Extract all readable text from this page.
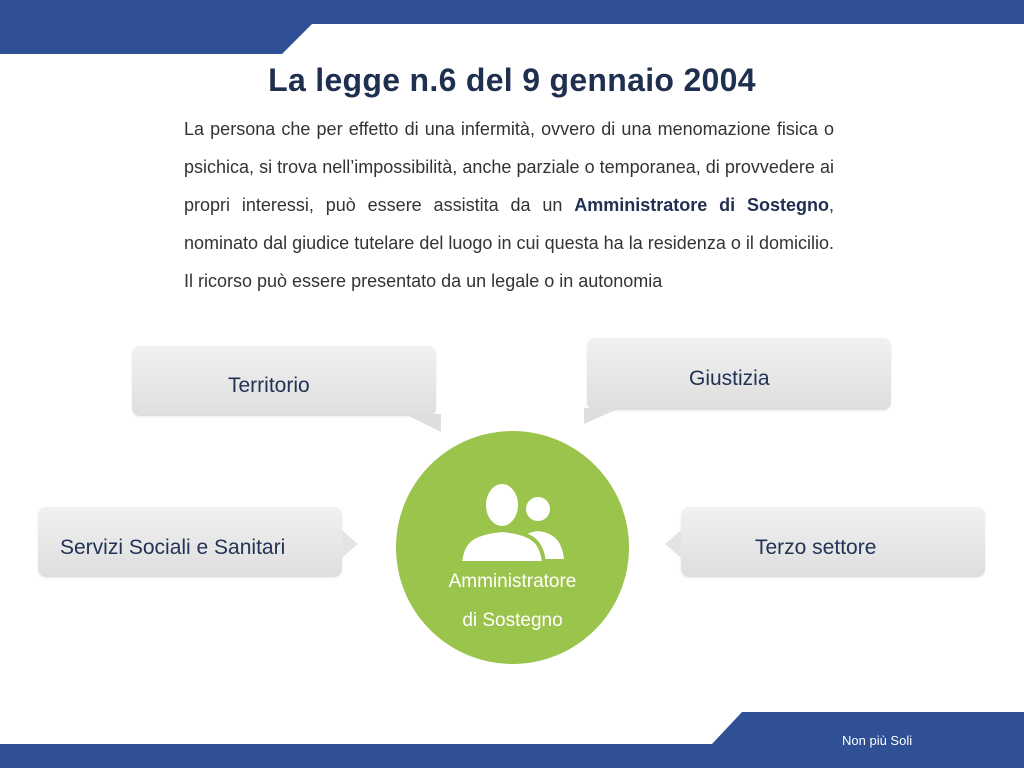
La legge n.6 del 9 gennaio 2004
La persona che per effetto di una infermità, ovvero di una menomazione fisica o psichica, si trova nell’impossibilità, anche parziale o temporanea, di provvedere ai propri interessi, può essere assistita da un Amministratore di Sostegno, nominato dal giudice tutelare del luogo in cui questa ha la residenza o il domicilio. Il ricorso può essere presentato da un legale o in autonomia
Territorio	Giustizia
Servizi Sociali e Sanitari	Terzo settore
Amministratore
di Sostegno
Non più Soli
